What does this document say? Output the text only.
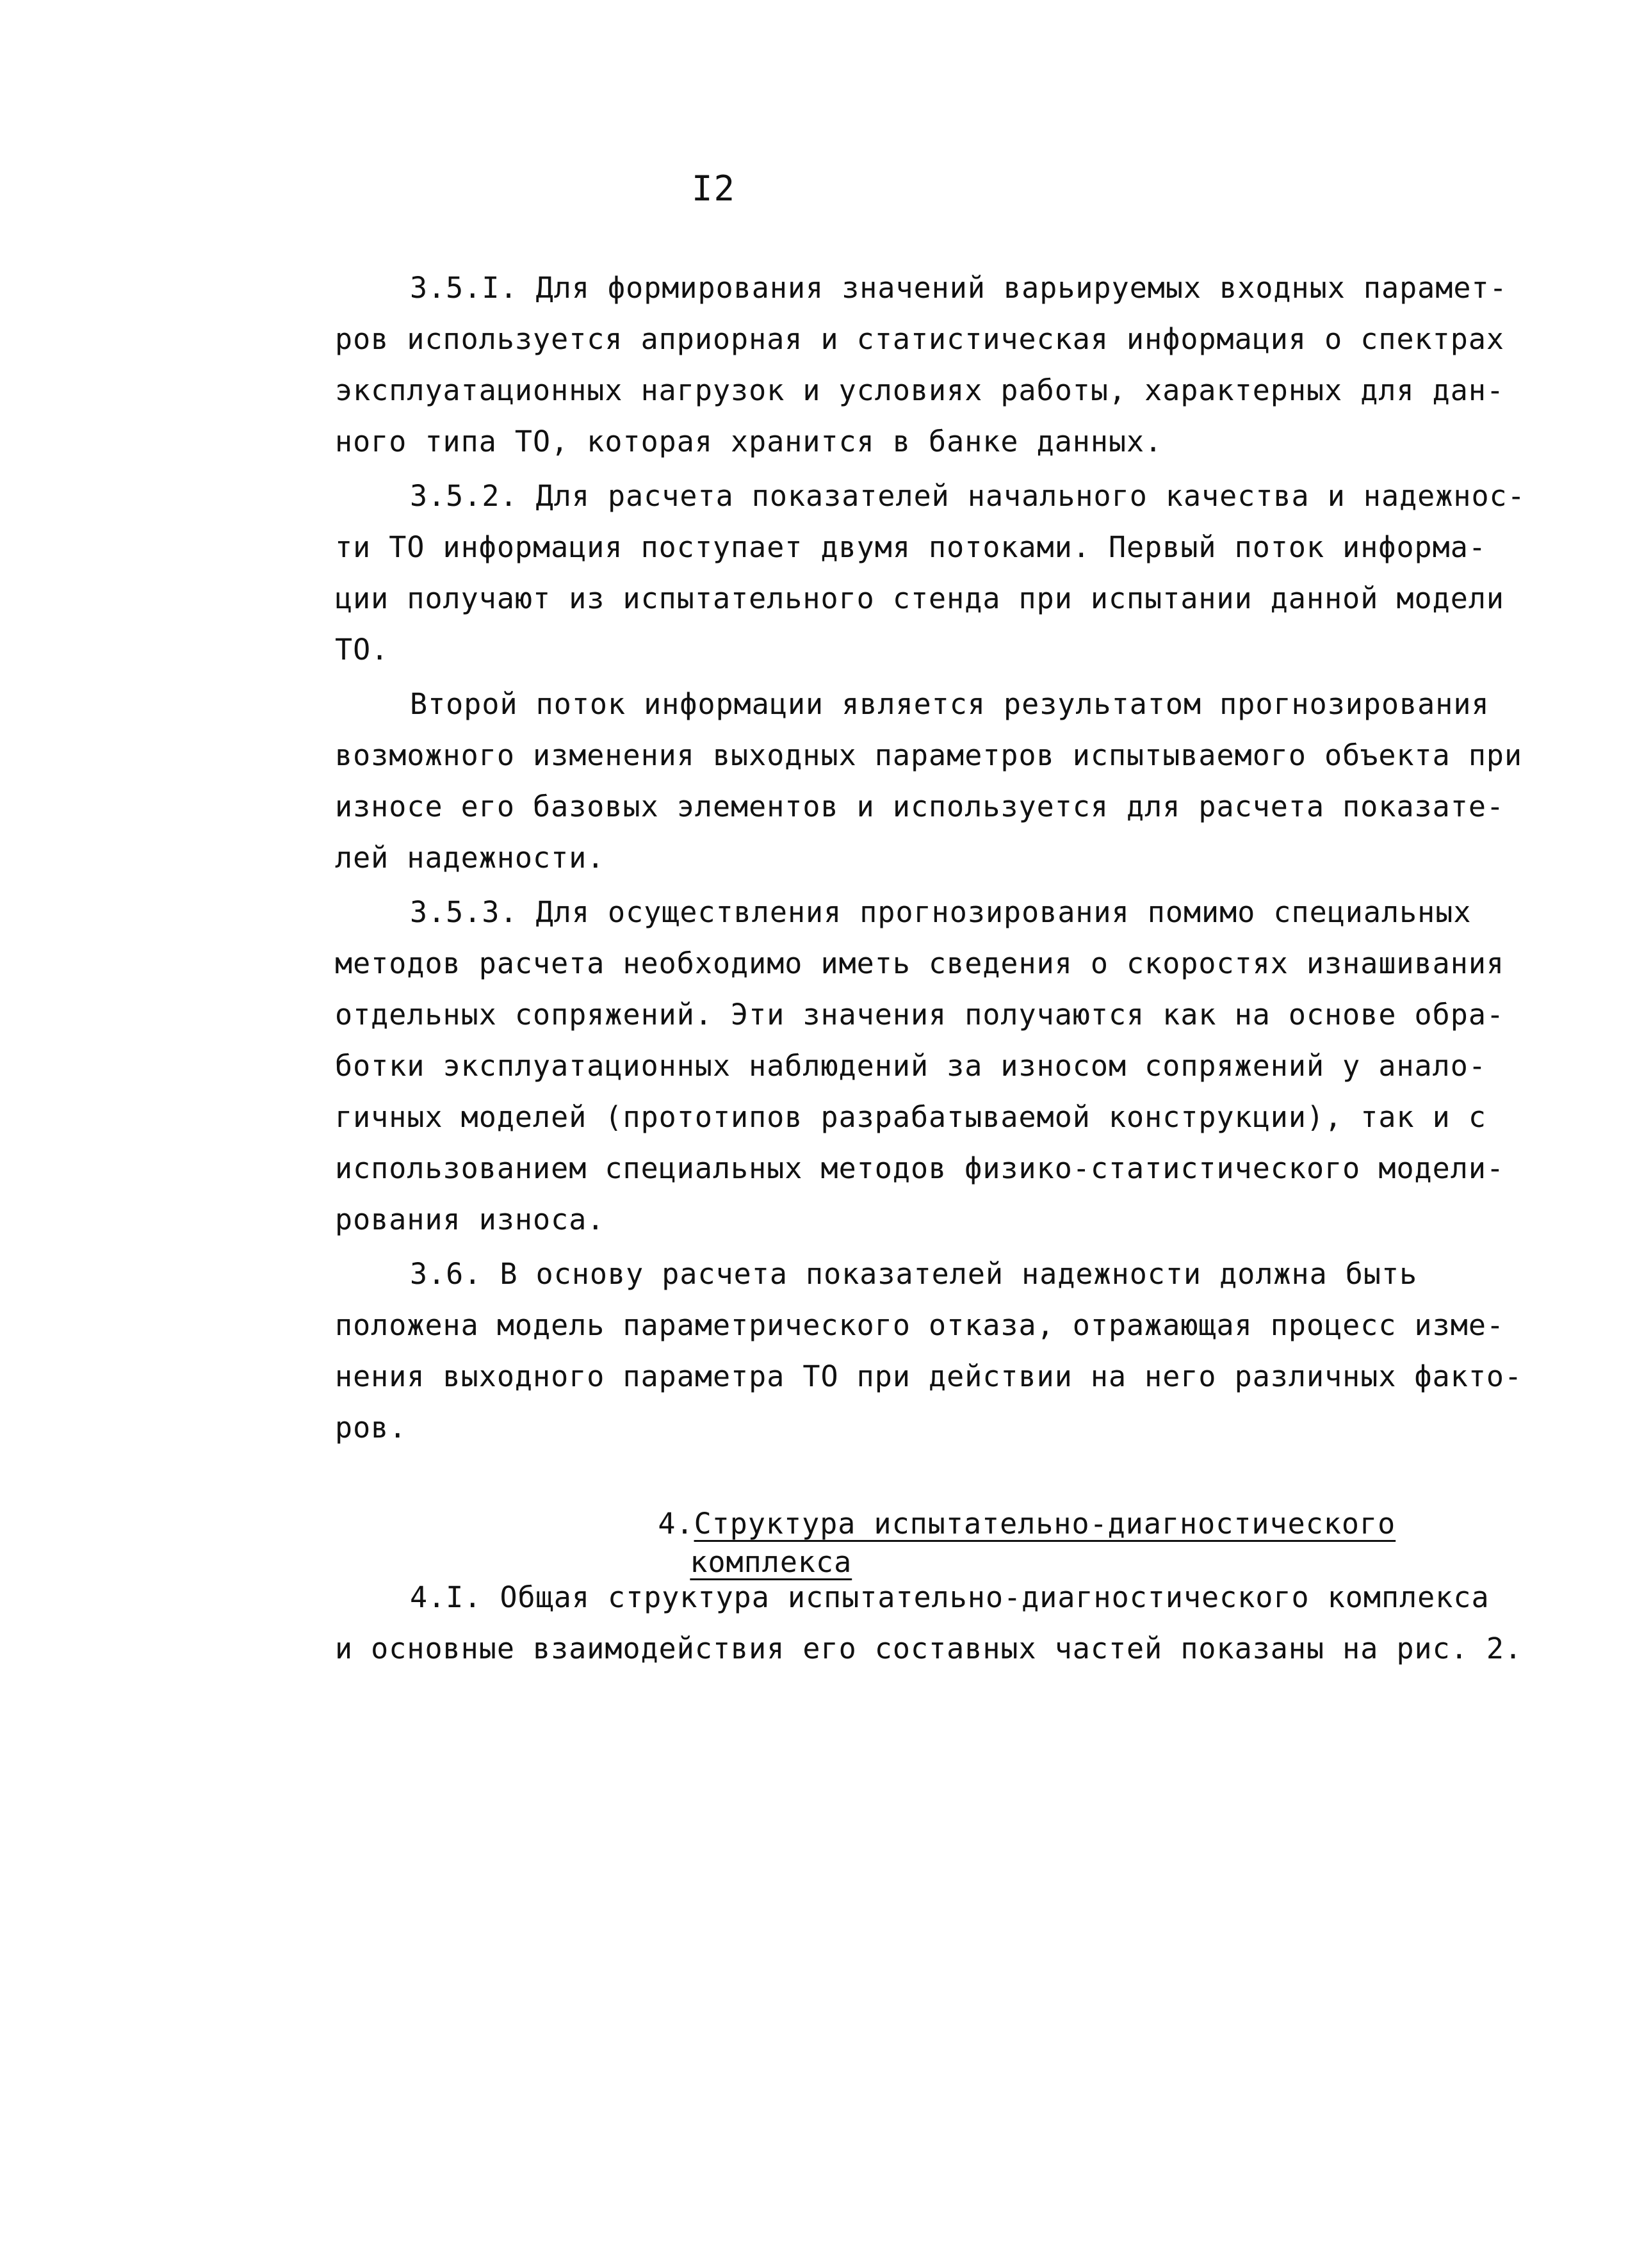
I2
3.5.I. Для формирования значений варьируемых входных парамет-
ров используется априорная и статистическая информация о спектрах
эксплуатационных нагрузок и условиях работы, характерных для дан-
ного типа ТО, которая хранится в банке данных.
3.5.2. Для расчета показателей начального качества и надежнос-
ти ТО информация поступает двумя потоками. Первый поток информа-
ции получают из испытательного стенда при испытании данной модели
ТО.
Второй поток информации является результатом прогнозирования
возможного изменения выходных параметров испытываемого объекта при
износе его базовых элементов и используется для расчета показате-
лей надежности.
3.5.3. Для осуществления прогнозирования помимо специальных
методов расчета необходимо иметь сведения о скоростях изнашивания
отдельных сопряжений. Эти значения получаются как на основе обра-
ботки эксплуатационных наблюдений за износом сопряжений у анало-
гичных моделей (прототипов разрабатываемой конструкции), так и с
использованием специальных методов физико-статистического модели-
рования износа.
3.6. В основу расчета показателей надежности должна быть
положена модель параметрического отказа, отражающая процесс изме-
нения выходного параметра ТО при действии на него различных факто-
ров.

4.Структура испытательно-диагностического

комплекса

4.I. Общая структура испытательно-диагностического комплекса
и основные взаимодействия его составных частей показаны на рис. 2.
